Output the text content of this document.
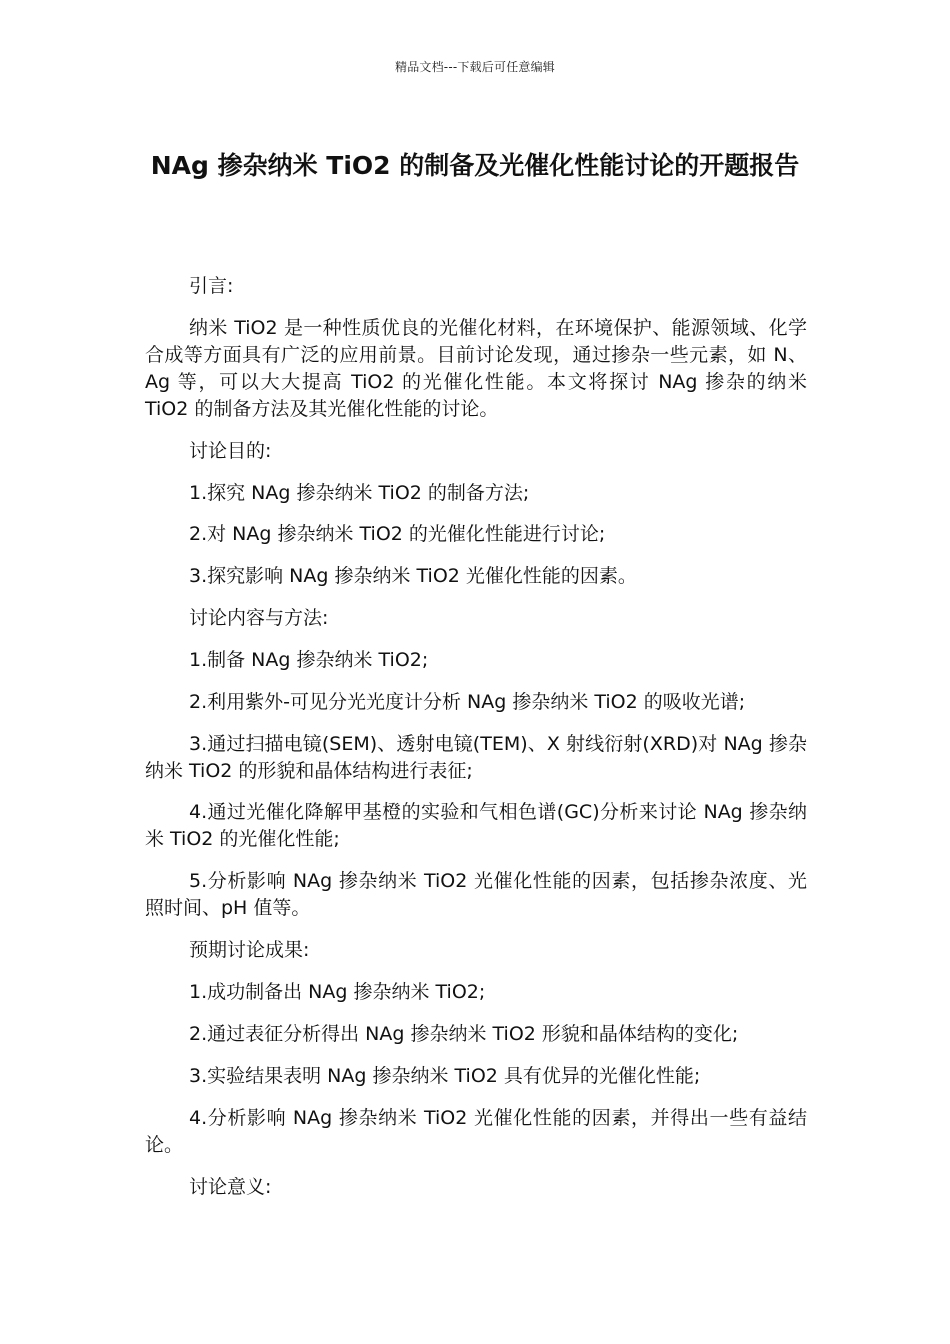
精品文档---下载后可任意编辑
NAg 掺杂纳米 TiO2 的制备及光催化性能讨论的开题报告

引言:

纳米 TiO2 是一种性质优良的光催化材料，在环境保护、能源领域、化学合成等方面具有广泛的应用前景。目前讨论发现，通过掺杂一些元素，如 N、Ag 等，可以大大提高 TiO2 的光催化性能。本文将探讨 NAg 掺杂的纳米 TiO2 的制备方法及其光催化性能的讨论。

讨论目的:

1.探究 NAg 掺杂纳米 TiO2 的制备方法;

2.对 NAg 掺杂纳米 TiO2 的光催化性能进行讨论;

3.探究影响 NAg 掺杂纳米 TiO2 光催化性能的因素。

讨论内容与方法:

1.制备 NAg 掺杂纳米 TiO2;

2.利用紫外-可见分光光度计分析 NAg 掺杂纳米 TiO2 的吸收光谱;

3.通过扫描电镜(SEM)、透射电镜(TEM)、X 射线衍射(XRD)对 NAg 掺杂纳米 TiO2 的形貌和晶体结构进行表征;

4.通过光催化降解甲基橙的实验和气相色谱(GC)分析来讨论 NAg 掺杂纳米 TiO2 的光催化性能;

5.分析影响 NAg 掺杂纳米 TiO2 光催化性能的因素，包括掺杂浓度、光照时间、pH 值等。

预期讨论成果:

1.成功制备出 NAg 掺杂纳米 TiO2;

2.通过表征分析得出 NAg 掺杂纳米 TiO2 形貌和晶体结构的变化;

3.实验结果表明 NAg 掺杂纳米 TiO2 具有优异的光催化性能;

4.分析影响 NAg 掺杂纳米 TiO2 光催化性能的因素，并得出一些有益结论。

讨论意义:
